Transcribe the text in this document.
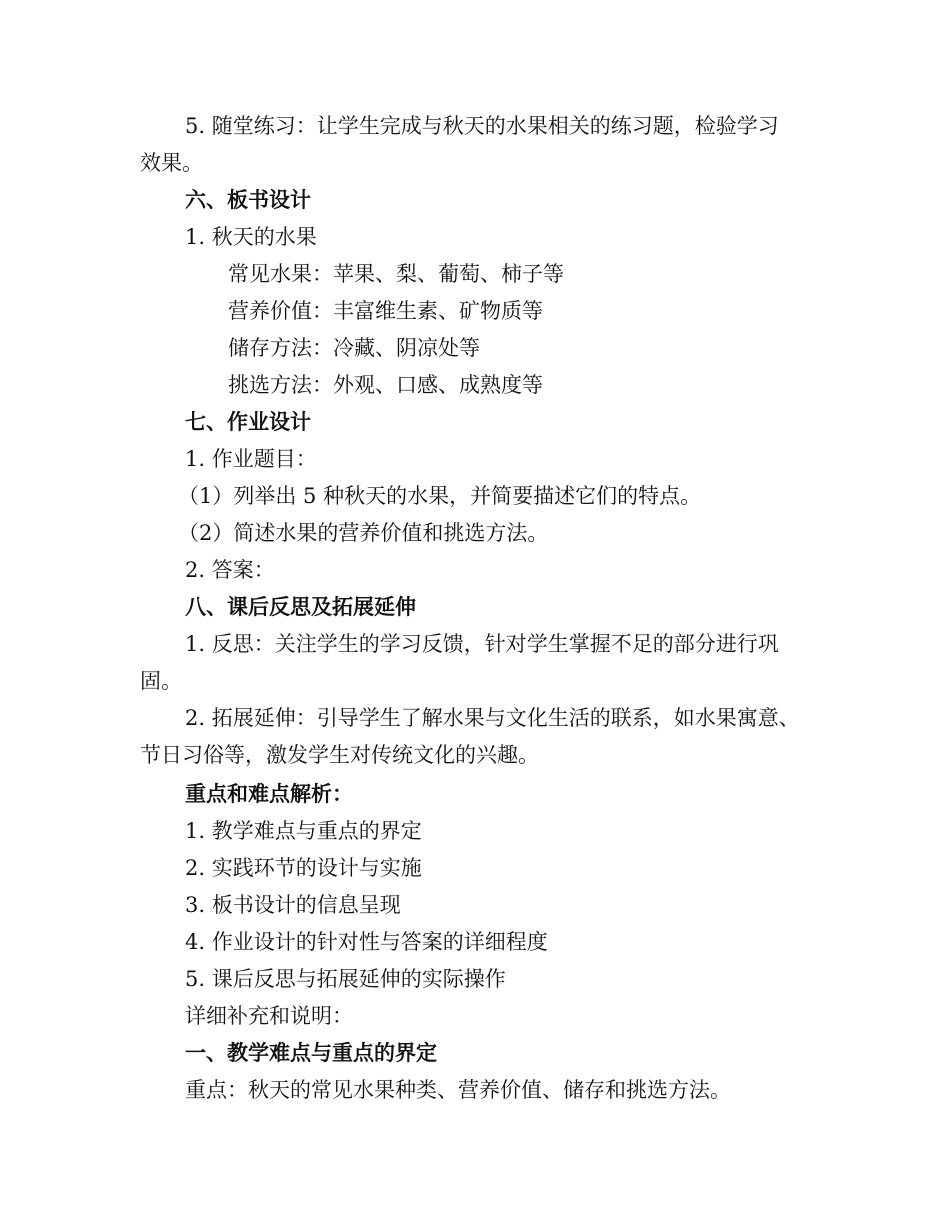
5. 随堂练习：让学生完成与秋天的水果相关的练习题，检验学习
效果。
六、板书设计
1. 秋天的水果
常见水果：苹果、梨、葡萄、柿子等
营养价值：丰富维生素、矿物质等
储存方法：冷藏、阴凉处等
挑选方法：外观、口感、成熟度等
七、作业设计
1. 作业题目：
（1）列举出 5 种秋天的水果，并简要描述它们的特点。
（2）简述水果的营养价值和挑选方法。
2. 答案：
八、课后反思及拓展延伸
1. 反思：关注学生的学习反馈，针对学生掌握不足的部分进行巩
固。
2. 拓展延伸：引导学生了解水果与文化生活的联系，如水果寓意、
节日习俗等，激发学生对传统文化的兴趣。
重点和难点解析：
1. 教学难点与重点的界定
2. 实践环节的设计与实施
3. 板书设计的信息呈现
4. 作业设计的针对性与答案的详细程度
5. 课后反思与拓展延伸的实际操作
详细补充和说明：
一、教学难点与重点的界定
重点：秋天的常见水果种类、营养价值、储存和挑选方法。
